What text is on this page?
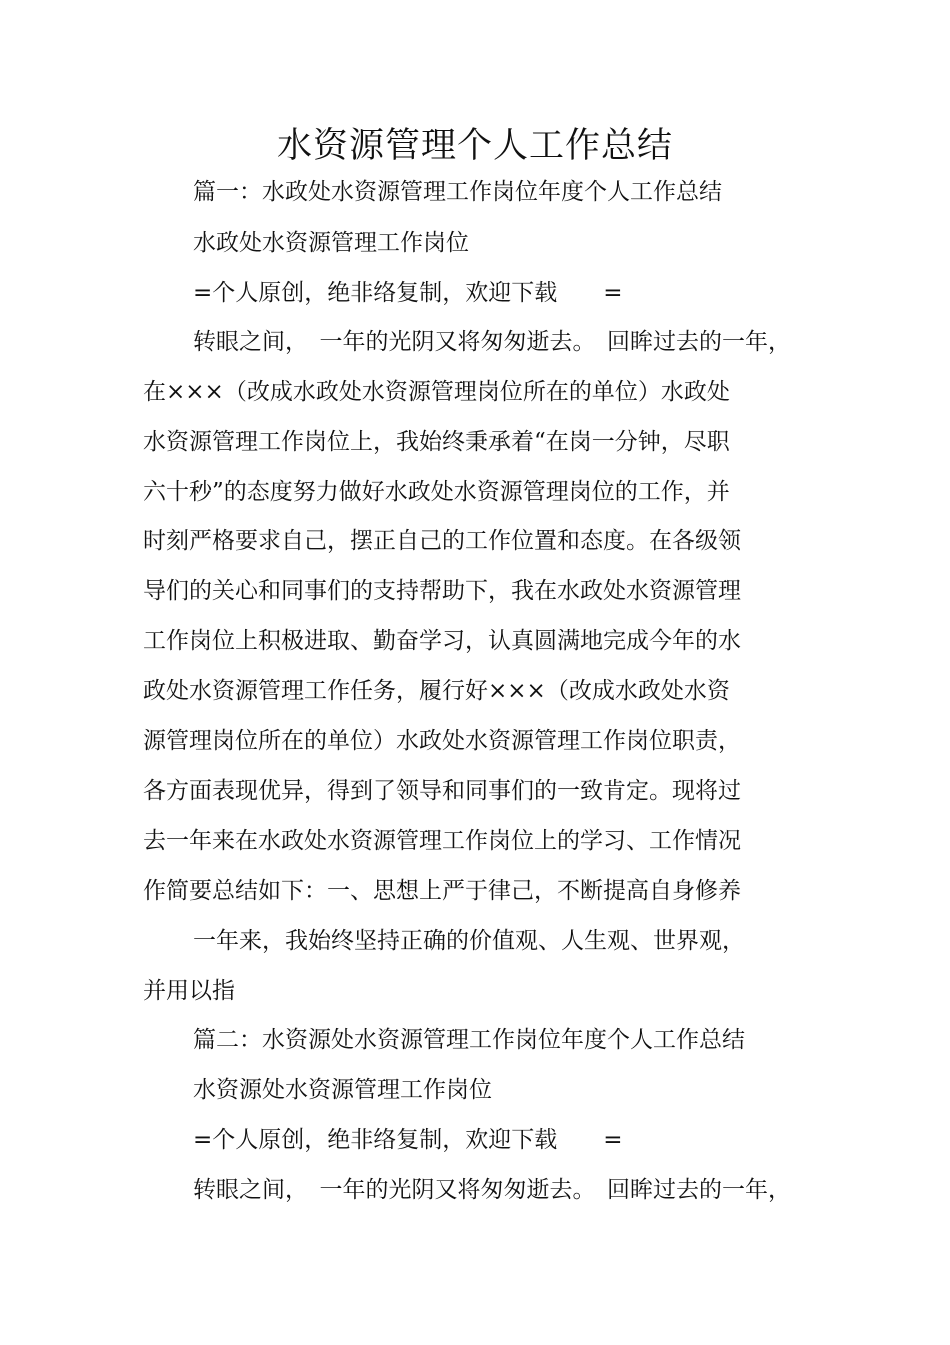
水资源管理个人工作总结
篇一：水政处水资源管理工作岗位年度个人工作总结
水政处水资源管理工作岗位
=个人原创，绝非络复制，欢迎下载　　=
转眼之间，　一年的光阴又将匆匆逝去。　回眸过去的一年，
在×××（改成水政处水资源管理岗位所在的单位）水政处
水资源管理工作岗位上，我始终秉承着“在岗一分钟，尽职
六十秒”的态度努力做好水政处水资源管理岗位的工作，并
时刻严格要求自己，摆正自己的工作位置和态度。在各级领
导们的关心和同事们的支持帮助下，我在水政处水资源管理
工作岗位上积极进取、勤奋学习，认真圆满地完成今年的水
政处水资源管理工作任务，履行好×××（改成水政处水资
源管理岗位所在的单位）水政处水资源管理工作岗位职责，
各方面表现优异，得到了领导和同事们的一致肯定。现将过
去一年来在水政处水资源管理工作岗位上的学习、工作情况
作简要总结如下：一、思想上严于律己，不断提高自身修养
一年来，我始终坚持正确的价值观、人生观、世界观，
并用以指
篇二：水资源处水资源管理工作岗位年度个人工作总结
水资源处水资源管理工作岗位
=个人原创，绝非络复制，欢迎下载　　=
转眼之间，　一年的光阴又将匆匆逝去。　回眸过去的一年，
